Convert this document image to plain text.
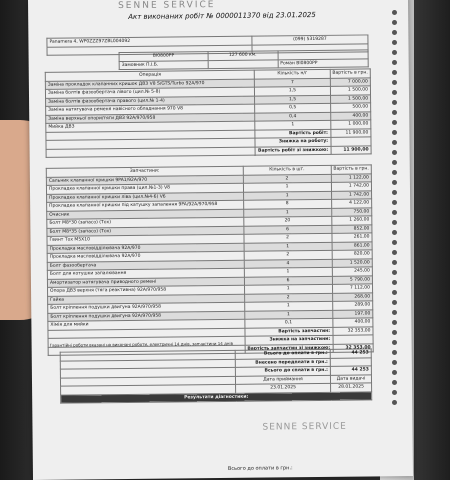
SENNE SERVICE
Акт виконаних робіт № 0000011370 від 23.01.2025
Panamera 4, WP0ZZZ97ZBL004092	(099) 5319287

BI0800PP	127 600 км.	
Замовник П.І.Б.		Роман BI0800PP
Операція	Кількість н/г	Вартість в грн.
Заміна прокладок клапанних кришок ДВЗ V8 S/GTS/Turbo 92A/970	7	7 000,00
Заміна болтів фазообертача лівого (цил.№ 5-8)	1,5	1 500,00
Заміна болтів фазообертача правого (цил.№ 1-4)	1,5	1 500,00
Заміна натягувача ременя навісного обладнання 970 V8	0,5	500,00
Заміна верхньої опори/тяги ДВЗ 92A/970/958	0,4	400,00
Мийка ДВЗ	1	1 000,00
	Вартість робіт:	11 900,00
	Знижка на роботу:	
	Вартість робіт зі знижкою:	11 900,00
Запчастини:	Кількість в шт.	Вартість в грн.
Сальник клапанної кришки 9PA1/92A/970	2	1 122,00
Прокладка клапанної кришки права (цил.№1-3) V8	1	1 742,00
Прокладка клапанної кришки ліва (цил.№4-6) V6	1	1 742,00
Прокладка клапанної кришки під катушку запалення 9PA/92A/970/958	8	4 122,00
Очисник	1	750,00
Болт М8*30 (запасо) (Тох)	20	1 260,00
Болт М8*35 (запасо) (Тох)	6	852,00
Гвинт Тох М5Х10	2	261,00
Прокладка масловідділювача 92А/970	1	861,00
Прокладка масловідділювача 92А/970	2	820,00
Болт фазообертача	4	1 520,00
Болт для котушки запалювання	1	245,00
Амортизатор натягувача приводного ремені	6	5 790,00
Опора ДВЗ верхня (тяга реактивна) 92А/970/958	1	7 112,00
Гайка	2	268,00
Болт кріплення подушки двигуна 92А/970/958	1	289,00
Болт кріплення подушки двигуна 92А/970/958	1	197,00
Хімія для мийки	0,1	400,00
	Вартість запчастин:	32 353,00
	Знижка на запчастини:	
	Вартість запчастин зі знижкою:	32 353,00
Гарантійні роботи вказані на виконані роботи, електричні 14 днів, запчастини 14 днів
	Всього до оплати в грн.:	44 253
	Внесено передплати в грн.:	
	Всього до сплати в грн.:	44 253
	Дата приймання	Дата видачі
	23.01.2025	28.01.2025
Результати діагностики:		
SENNE SERVICE
Всього до оплати в грн.:
